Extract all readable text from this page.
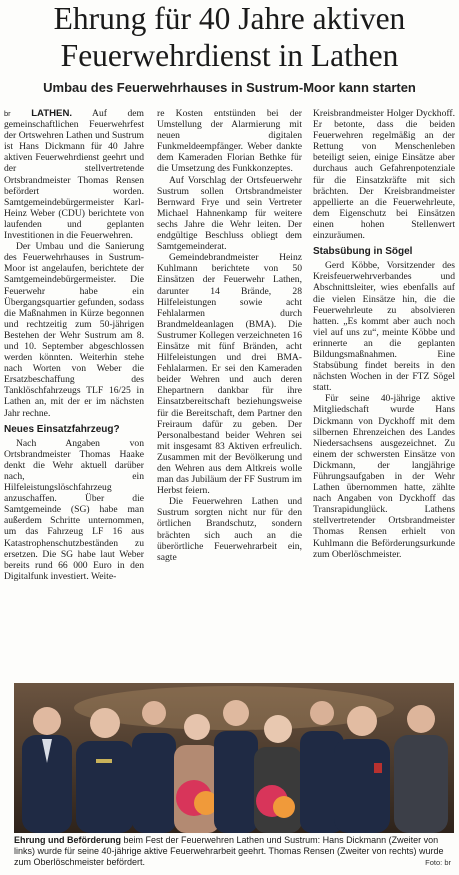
Ehrung für 40 Jahre aktiven
Feuerwehrdienst in Lathen
Umbau des Feuerwehrhauses in Sustrum-Moor kann starten

br LATHEN. Auf dem gemeinschaftlichen Feuerwehrfest der Ortswehren Lathen und Sustrum ist Hans Dickmann für 40 Jahre aktiven Feuerwehrdienst geehrt und der stellvertretende Ortsbrandmeister Thomas Rensen befördert worden. Samtgemeindebürgermeister Karl-Heinz Weber (CDU) berichtete von laufenden und geplanten Investitionen in die Feuerwehren.

Der Umbau und die Sanierung des Feuerwehrhauses in Sustrum-Moor ist angelaufen, berichtete der Samtgemeindebürgermeister. Die Feuerwehr habe ein Übergangsquartier gefunden, sodass die Maßnahmen in Kürze begonnen und rechtzeitig zum 50-jährigen Bestehen der Wehr Sustrum am 8. und 10. September abgeschlossen werden könnten. Weiterhin stehe nach Worten von Weber die Ersatzbeschaffung des Tanklöschfahrzeugs TLF 16/25 in Lathen an, mit der er im nächsten Jahr rechne.

Neues Einsatzfahrzeug?

Nach Angaben von Ortsbrandmeister Thomas Haake denkt die Wehr aktuell darüber nach, ein Hilfeleistungslöschfahrzeug anzuschaffen. Über die Samtgemeinde (SG) habe man außerdem Schritte unternommen, um das Fahrzeug LF 16 aus Katastrophenschutzbeständen zu ersetzen. Die SG habe laut Weber bereits rund 66 000 Euro in den Digitalfunk investiert. Weite-

re Kosten entstünden bei der Umstellung der Alarmierung mit neuen digitalen Funkmeldeempfänger. Weber dankte dem Kameraden Florian Bethke für die Umsetzung des Funkkonzeptes.

Auf Vorschlag der Ortsfeuerwehr Sustrum sollen Ortsbrandmeister Bernward Frye und sein Vertreter Michael Hahnenkamp für weitere sechs Jahre die Wehr leiten. Der endgültige Beschluss obliegt dem Samtgemeinderat.

Gemeindebrandmeister Heinz Kuhlmann berichtete von 50 Einsätzen der Feuerwehr Lathen, darunter 14 Brände, 28 Hilfeleistungen sowie acht Fehlalarmen durch Brandmeldeanlagen (BMA). Die Sustrumer Kollegen verzeichneten 16 Einsätze mit fünf Bränden, acht Hilfeleistungen und drei BMA-Fehlalarmen. Er sei den Kameraden beider Wehren und auch deren Ehepartnern dankbar für ihre Einsatzbereitschaft beziehungsweise für die Bereitschaft, dem Partner den Freiraum dafür zu geben. Der Personalbestand beider Wehren sei mit insgesamt 83 Aktiven erfreulich. Zusammen mit der Bevölkerung und den Wehren aus dem Altkreis wolle man das Jubiläum der FF Sustrum im Herbst feiern.

Die Feuerwehren Lathen und Sustrum sorgten nicht nur für den örtlichen Brandschutz, sondern brächten sich auch an die überörtliche Feuerwehrarbeit ein, sagte

Kreisbrandmeister Holger Dyckhoff. Er betonte, dass die beiden Feuerwehren regelmäßig an der Rettung von Menschenleben beteiligt seien, einige Einsätze aber durchaus auch Gefahrenpotenziale für die Einsatzkräfte mit sich brächten. Der Kreisbrandmeister appellierte an die Feuerwehrleute, dem Eigenschutz bei Einsätzen einen hohen Stellenwert einzuräumen.

Stabsübung in Sögel

Gerd Köbbe, Vorsitzender des Kreisfeuerwehrverbandes und Abschnittsleiter, wies ebenfalls auf die vielen Einsätze hin, die die Feuerwehrleute zu absolvieren hatten. „Es kommt aber auch noch viel auf uns zu“, meinte Köbbe und erinnerte an die geplanten Bildungsmaßnahmen. Eine Stabsübung findet bereits in den nächsten Wochen in der FTZ Sögel statt.

Für seine 40-jährige aktive Mitgliedschaft wurde Hans Dickmann von Dyckhoff mit dem silbernen Ehrenzeichen des Landes Niedersachsens ausgezeichnet. Zu einem der schwersten Einsätze von Dickmann, der langjährige Führungsaufgaben in der Wehr Lathen übernommen hatte, zählte nach Angaben von Dyckhoff das Transrapidunglück. Lathens stellvertretender Ortsbrandmeister Thomas Rensen erhielt von Kuhlmann die Beförderungsurkunde zum Oberlöschmeister.

Ehrung und Beförderung beim Fest der Feuerwehren Lathen und Sustrum: Hans Dickmann (Zweiter von links) wurde für seine 40-jährige aktive Feuerwehrarbeit geehrt. Thomas Rensen (Zweiter von rechts) wurde zum Oberlöschmeister befördert.	Foto: br
